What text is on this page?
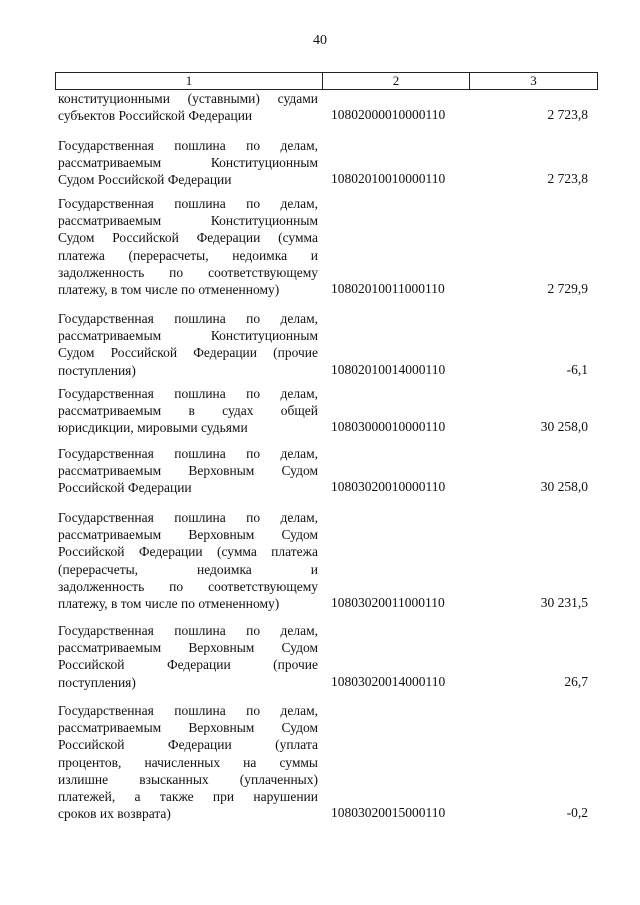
40
1	2	3
конституционными (уставными) судами
субъектов Российской Федерации	10802000010000110	2 723,8
Государственная пошлина по делам,
рассматриваемым Конституционным
Судом Российской Федерации	10802010010000110	2 723,8
Государственная пошлина по делам,
рассматриваемым Конституционным
Судом Российской Федерации (сумма
платежа (перерасчеты, недоимка и
задолженность по соответствующему
платежу, в том числе по отмененному)	10802010011000110	2 729,9
Государственная пошлина по делам,
рассматриваемым Конституционным
Судом Российской Федерации (прочие
поступления)	10802010014000110	-6,1
Государственная пошлина по делам,
рассматриваемым в судах общей
юрисдикции, мировыми судьями	10803000010000110	30 258,0
Государственная пошлина по делам,
рассматриваемым Верховным Судом
Российской Федерации	10803020010000110	30 258,0
Государственная пошлина по делам,
рассматриваемым Верховным Судом
Российской Федерации (сумма платежа
(перерасчеты, недоимка и
задолженность по соответствующему
платежу, в том числе по отмененному)	10803020011000110	30 231,5
Государственная пошлина по делам,
рассматриваемым Верховным Судом
Российской Федерации (прочие
поступления)	10803020014000110	26,7
Государственная пошлина по делам,
рассматриваемым Верховным Судом
Российской Федерации (уплата
процентов, начисленных на суммы
излишне взысканных (уплаченных)
платежей, а также при нарушении
сроков их возврата)	10803020015000110	-0,2
